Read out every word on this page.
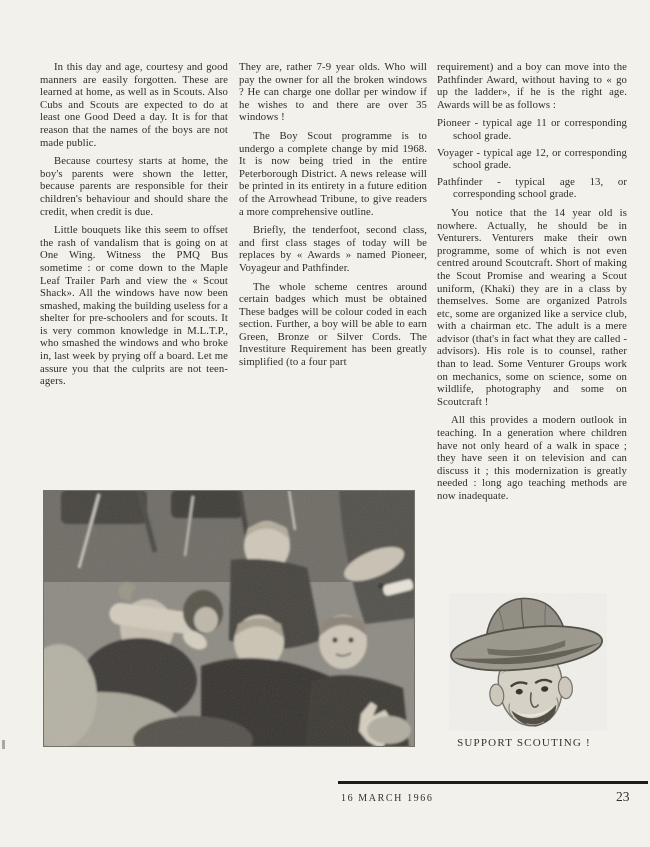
In this day and age, courtesy and good manners are easily forgotten. These are learned at home, as well as in Scouts. Also Cubs and Scouts are expected to do at least one Good Deed a day. It is for that reason that the names of the boys are not made public.

Because courtesy starts at home, the boy's parents were shown the letter, because parents are responsible for their children's behaviour and should share the credit, when credit is due.

Little bouquets like this seem to offset the rash of vandalism that is going on at One Wing. Witness the PMQ Bus sometime : or come down to the Maple Leaf Trailer Parh and view the « Scout Shack». All the windows have now been smashed, making the building useless for a shelter for pre-schoolers and for scouts. It is very common knowledge in M.L.T.P., who smashed the windows and who broke in, last week by prying off a board. Let me assure you that the culprits are not teen-agers.

They are, rather 7-9 year olds. Who will pay the owner for all the broken windows ? He can charge one dollar per window if he wishes to and there are over 35 windows !

The Boy Scout programme is to undergo a complete change by mid 1968. It is now being tried in the entire Peterborough District. A news release will be printed in its entirety in a future edition of the Arrowhead Tribune, to give readers a more comprehensive outline.

Briefly, the tenderfoot, second class, and first class stages of today will be replaces by « Awards » named Pioneer, Voyageur and Pathfinder.

The whole scheme centres around certain badges which must be obtained These badges will be colour coded in each section. Further, a boy will be able to earn Green, Bronze or Silver Cords. The Investiture Requirement has been greatly simplified (to a four part

requirement) and a boy can move into the Pathfinder Award, without having to « go up the ladder», if he is the right age. Awards will be as follows :

Pioneer - typical age 11 or corresponding school grade.
Voyager - typical age 12, or corresponding school grade.
Pathfinder - typical age 13, or corresponding school grade.

You notice that the 14 year old is nowhere. Actually, he should be in Venturers. Venturers make their own programme, some of which is not even centred around Scoutcraft. Short of making the Scout Promise and wearing a Scout uniform, (Khaki) they are in a class by themselves. Some are organized Patrols etc, some are organized like a service club, with a chairman etc. The adult is a mere advisor (that's in fact what they are called - advisors). His role is to counsel, rather than to lead. Some Venturer Groups work on mechanics, some on science, some on wildlife, photography and some on Scoutcraft !

All this provides a modern outlook in teaching. In a generation where children have not only heard of a walk in space ; they have seen it on television and can discuss it ; this modernization is greatly needed : long ago teaching methods are now inadequate.

SUPPORT SCOUTING !
16 MARCH 1966	23
